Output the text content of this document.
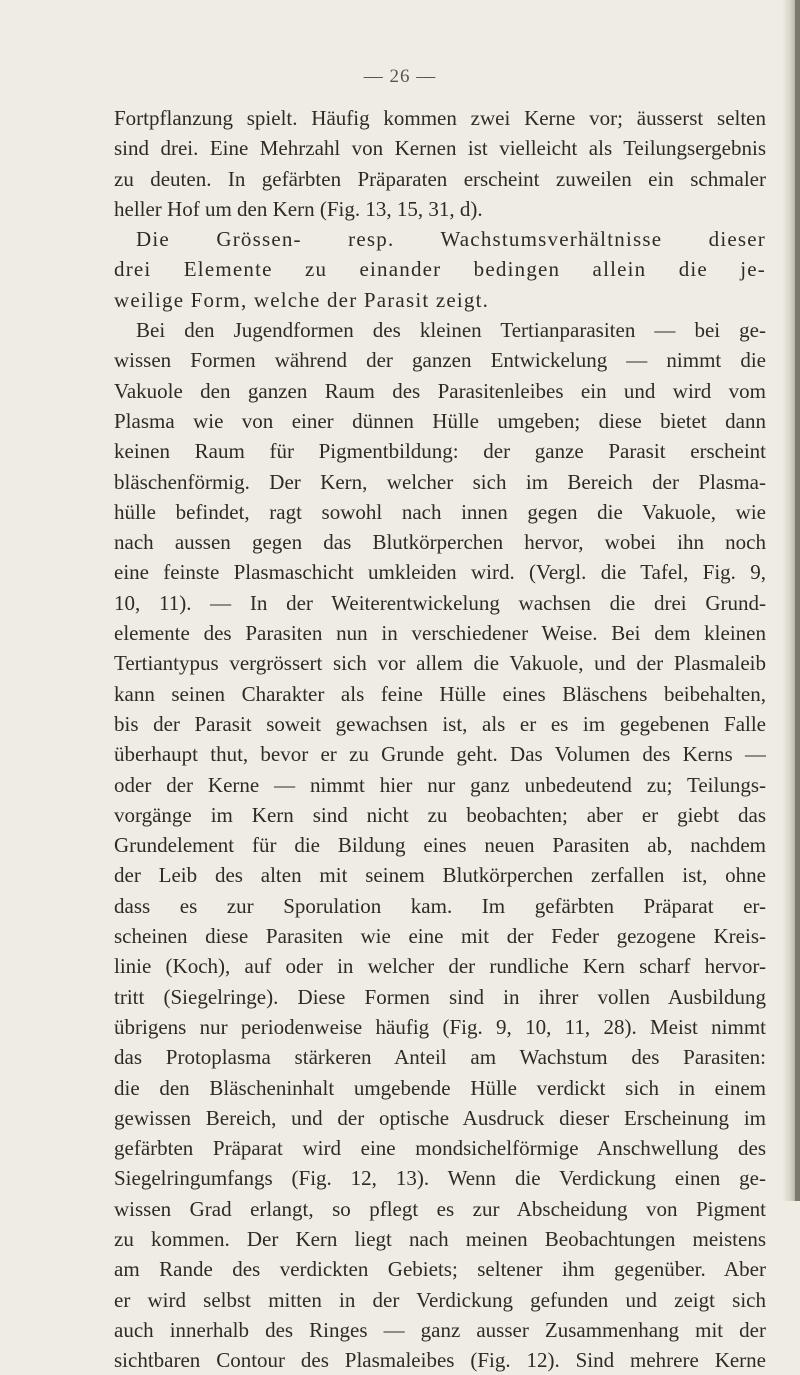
— 26 —
Fortpflanzung spielt. Häufig kommen zwei Kerne vor; äusserst selten
sind drei. Eine Mehrzahl von Kernen ist vielleicht als Teilungsergebnis
zu deuten. In gefärbten Präparaten erscheint zuweilen ein schmaler
heller Hof um den Kern (Fig. 13, 15, 31, d).
Die Grössen- resp. Wachstumsverhältnisse dieser
drei Elemente zu einander bedingen allein die je-
weilige Form, welche der Parasit zeigt.
Bei den Jugendformen des kleinen Tertianparasiten — bei ge-
wissen Formen während der ganzen Entwickelung — nimmt die
Vakuole den ganzen Raum des Parasitenleibes ein und wird vom
Plasma wie von einer dünnen Hülle umgeben; diese bietet dann
keinen Raum für Pigmentbildung: der ganze Parasit erscheint
bläschenförmig. Der Kern, welcher sich im Bereich der Plasma-
hülle befindet, ragt sowohl nach innen gegen die Vakuole, wie
nach aussen gegen das Blutkörperchen hervor, wobei ihn noch
eine feinste Plasmaschicht umkleiden wird. (Vergl. die Tafel, Fig. 9,
10, 11). — In der Weiterentwickelung wachsen die drei Grund-
elemente des Parasiten nun in verschiedener Weise. Bei dem kleinen
Tertiantypus vergrössert sich vor allem die Vakuole, und der Plasmaleib
kann seinen Charakter als feine Hülle eines Bläschens beibehalten,
bis der Parasit soweit gewachsen ist, als er es im gegebenen Falle
überhaupt thut, bevor er zu Grunde geht. Das Volumen des Kerns —
oder der Kerne — nimmt hier nur ganz unbedeutend zu; Teilungs-
vorgänge im Kern sind nicht zu beobachten; aber er giebt das
Grundelement für die Bildung eines neuen Parasiten ab, nachdem
der Leib des alten mit seinem Blutkörperchen zerfallen ist, ohne
dass es zur Sporulation kam. Im gefärbten Präparat er-
scheinen diese Parasiten wie eine mit der Feder gezogene Kreis-
linie (Koch), auf oder in welcher der rundliche Kern scharf hervor-
tritt (Siegelringe). Diese Formen sind in ihrer vollen Ausbildung
übrigens nur periodenweise häufig (Fig. 9, 10, 11, 28). Meist nimmt
das Protoplasma stärkeren Anteil am Wachstum des Parasiten:
die den Bläscheninhalt umgebende Hülle verdickt sich in einem
gewissen Bereich, und der optische Ausdruck dieser Erscheinung im
gefärbten Präparat wird eine mondsichelförmige Anschwellung des
Siegelringumfangs (Fig. 12, 13). Wenn die Verdickung einen ge-
wissen Grad erlangt, so pflegt es zur Abscheidung von Pigment
zu kommen. Der Kern liegt nach meinen Beobachtungen meistens
am Rande des verdickten Gebiets; seltener ihm gegenüber. Aber
er wird selbst mitten in der Verdickung gefunden und zeigt sich
auch innerhalb des Ringes — ganz ausser Zusammenhang mit der
sichtbaren Contour des Plasmaleibes (Fig. 12). Sind mehrere Kerne
